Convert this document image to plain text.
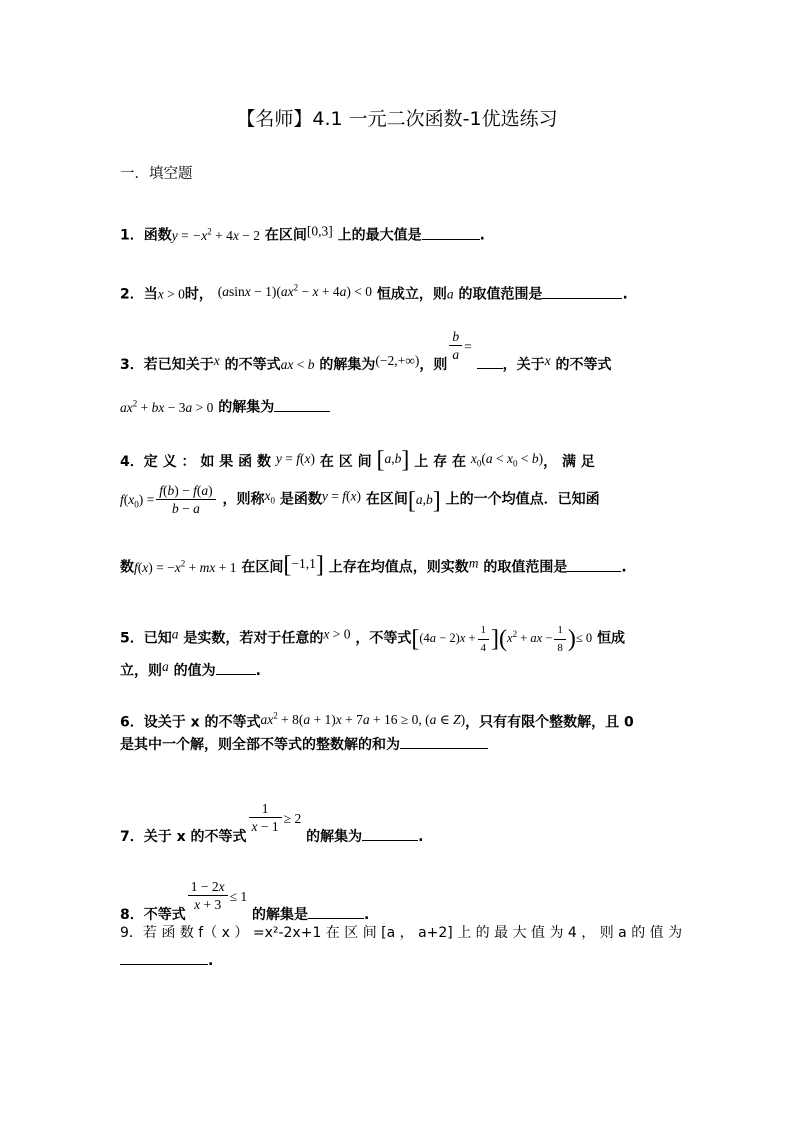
【名师】4.1 一元二次函数-1优选练习
一．填空题
1．函数$y = -x^2 + 4x - 2$ 在区间[0,3] 上的最大值是	.
2．当x > 0时， $(asinx - 1)(ax^2 - x + 4a) < 0$ 恒成立，则a 的取值范围是	.
3．若已知关于x 的不等式ax < b 的解集为(−2,+∞)，则
$\frac{b}{a}$ = ，关于x 的不等式
$ax^2$ + bx − 3a > 0 的解集为
4．定 义 ： 如 果 函 数 y = f(x) 在 区 间 [a,b] 上 存 在 $x_0(a < x_0 < b)$， 满 足
$f(x_0) = \frac{f(b) - f(a)}{b - a}$ ，则称$x_0$ 是函数y = f(x) 在区间[a,b] 上的一个均值点．已知函
数$f(x) = -x^2$ + mx + 1 在区间[−1,1] 上存在均值点，则实数m 的取值范围是	.
5．已知a 是实数，若对于任意的x > 0 ，不等式$[(4a - 2)x + \frac{1}{4} ](x^2$ + ax − $\frac{1}{8}$ )≤ 0 恒成
立，则a 的值为	.
6．设关于 x 的不等式$ax^2 + 8(a + 1)x + 7a + 16 \ge 0$, (a ∈ Z)，只有有限个整数解，且 0
是其中一个解，则全部不等式的整数解的和为
7．关于 x 的不等式
$\frac{1}{x - 1} \ge 2$ 的解集为	.
8．不等式
$\frac{1 - 2x}{x + 3} \le 1$ 的解集是	.
9．若 函 数 f（ x ） =x²-2x+1 在 区 间 [a ， a+2] 上 的 最 大 值 为 4 ， 则 a 的 值 为
.
